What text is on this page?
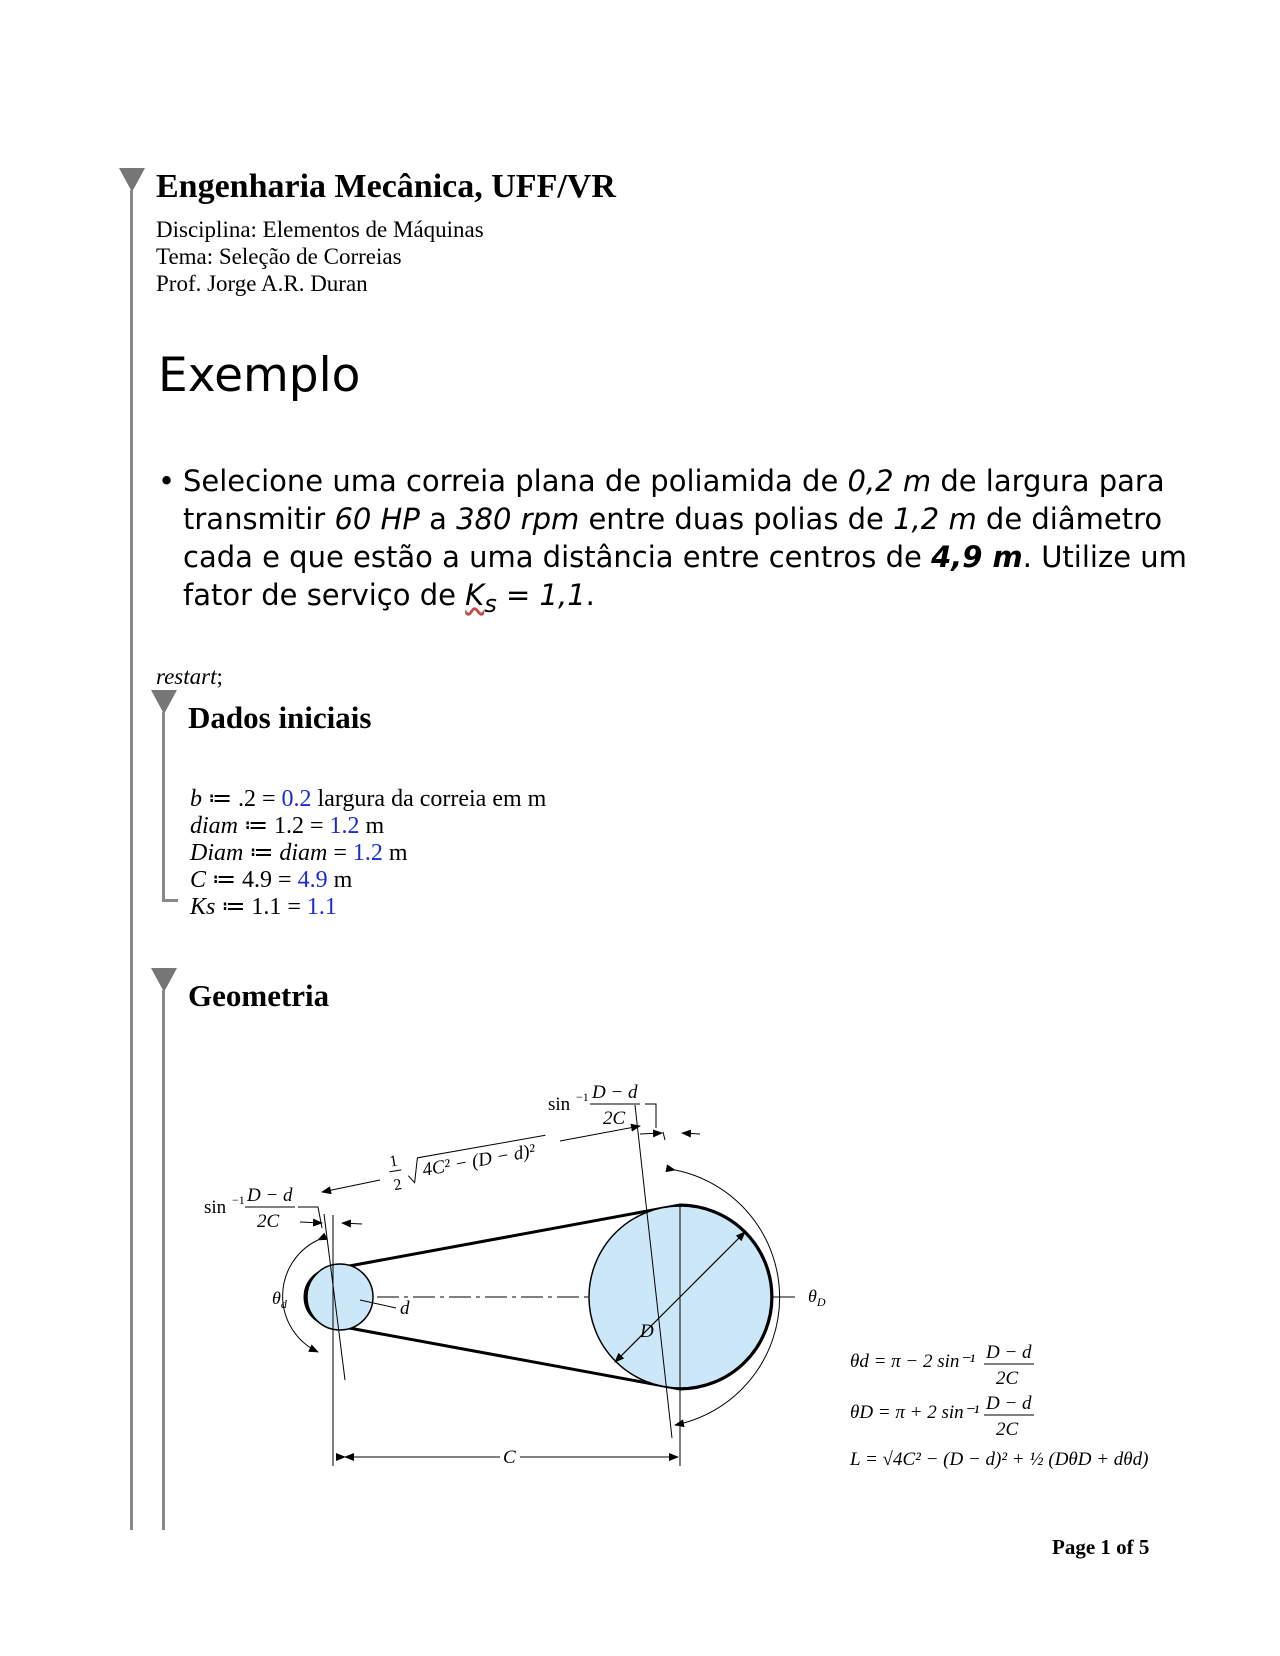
Engenharia Mecânica, UFF/VR
Disciplina: Elementos de Máquinas
Tema: Seleção de Correias
Prof. Jorge A.R. Duran
Exemplo
• Selecione uma correia plana de poliamida de 0,2 m de largura para transmitir 60 HP a 380 rpm entre duas polias de 1,2 m de diâmetro cada e que estão a uma distância entre centros de 4,9 m. Utilize um fator de serviço de $K_s = 1,1$.
restart;
Dados iniciais
b ≔ .2 = 0.2 largura da correia em m
diam ≔ 1.2 = 1.2 m
Diam ≔ diam = 1.2 m
C ≔ 4.9 = 4.9 m
Ks ≔ 1.1 = 1.1
Geometria
C
1
2
4C² − (D − d)²
sin −1 D − d
2C
sin −1 D − d
2C
$\theta_d$	$\theta_D$
d
D
θd = π − 2 sin⁻¹ D − d
2C
θD = π + 2 sin⁻¹ D − d
2C
L = √4C² − (D − d)² + ½ (DθD + dθd)
Page 1 of 5
